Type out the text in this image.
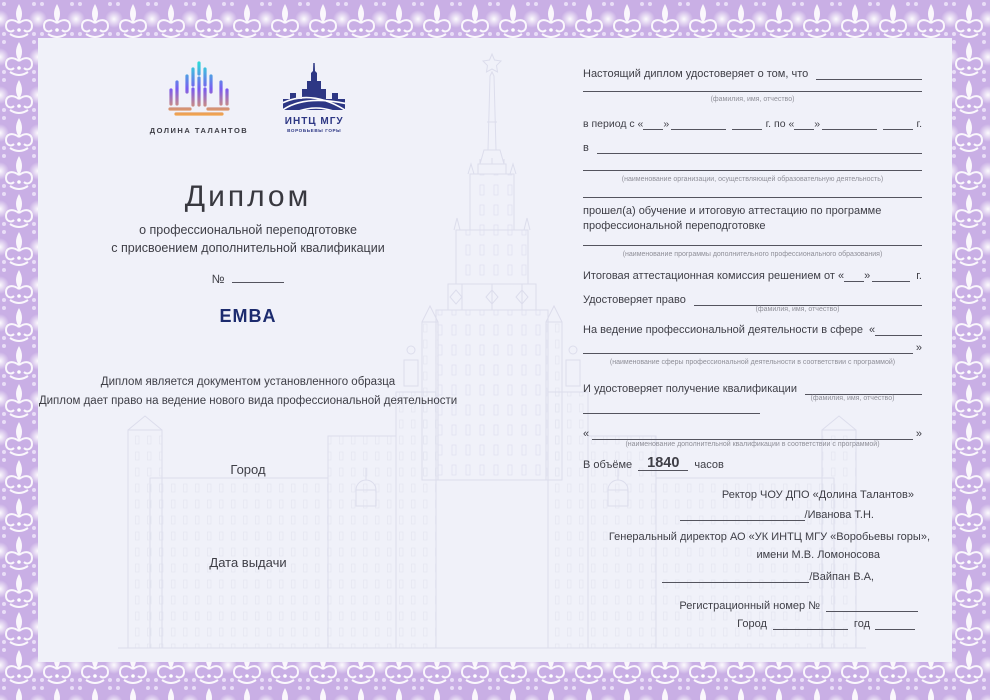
ДОЛИНА ТАЛАНТОВ
ИНТЦ МГУ
ВОРОБЬЕВЫ ГОРЫ
Диплом
о профессиональной переподготовке
с присвоением дополнительной квалификации
№
EMBA
Диплом является документом установленного образца
Диплом дает право на ведение нового вида профессиональной деятельности
Город
Дата выдачи
Настоящий диплом удостоверяет о том, что
(фамилия, имя, отчество)
в период с « »	г. по « »	г.
в
(наименование организации, осуществляющей образовательную деятельность)
прошел(а) обучение и итоговую аттестацию по программе
профессиональной переподготовке
(наименование программы дополнительного профессионального образования)
Итоговая аттестационная комиссия решением от « »	г.
Удостоверяет право
(фамилия, имя, отчество)
На ведение профессиональной деятельности в сфере «
»
(наименование сферы профессиональной деятельности в соответствии с программой)
И удостоверяет получение квалификации
(фамилия, имя, отчество)
«	»
(наименование дополнительной квалификации в соответствии с программой)
В объёме	1840	часов
Ректор ЧОУ ДПО «Долина Талантов»
/Иванова Т.Н.
Генеральный директор АО «УК ИНТЦ МГУ «Воробьевы горы»,
имени М.В. Ломоносова
/Вайпан В.А,
Регистрационный номер №
Город	год
